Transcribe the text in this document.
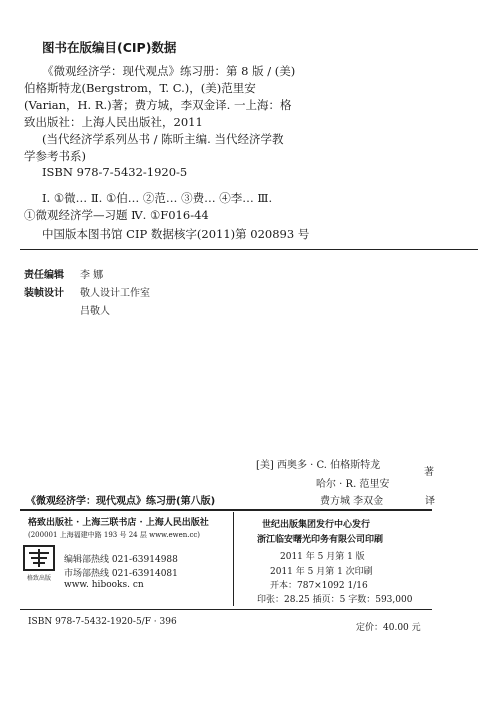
图书在版编目(CIP)数据
《微观经济学：现代观点》练习册：第 8 版 / (美)
伯格斯特龙(Bergstrom，T. C.)，(美)范里安
(Varian，H. R.)著；费方城，李双金译. 一上海：格
致出版社：上海人民出版社，2011
(当代经济学系列丛书 / 陈昕主编. 当代经济学教
学参考书系)
ISBN 978-7-5432-1920-5
Ⅰ. ①微… Ⅱ. ①伯… ②范… ③费… ④李… Ⅲ.
①微观经济学—习题 Ⅳ. ①F016-44
中国版本图书馆 CIP 数据核字(2011)第 020893 号
责任编辑 李 娜
装帧设计 敬人设计工作室
吕敬人
[美] 西奥多 · C. 伯格斯特龙
著
哈尔 · R. 范里安
费方城 李双金	译
《微观经济学：现代观点》练习册(第八版)
格致出版社 · 上海三联书店 · 上海人民出版社
(200001 上海福建中路 193 号 24 层 www.ewen.cc)
格致出版
编辑部热线 021-63914988
市场部热线 021-63914081
www. hibooks. cn
世纪出版集团发行中心发行
浙江临安曙光印务有限公司印刷
2011 年 5 月第 1 版
2011 年 5 月第 1 次印刷
开本：787×1092 1/16
印张：28.25 插页：5 字数：593,000
ISBN 978-7-5432-1920-5/F · 396
定价：40.00 元
